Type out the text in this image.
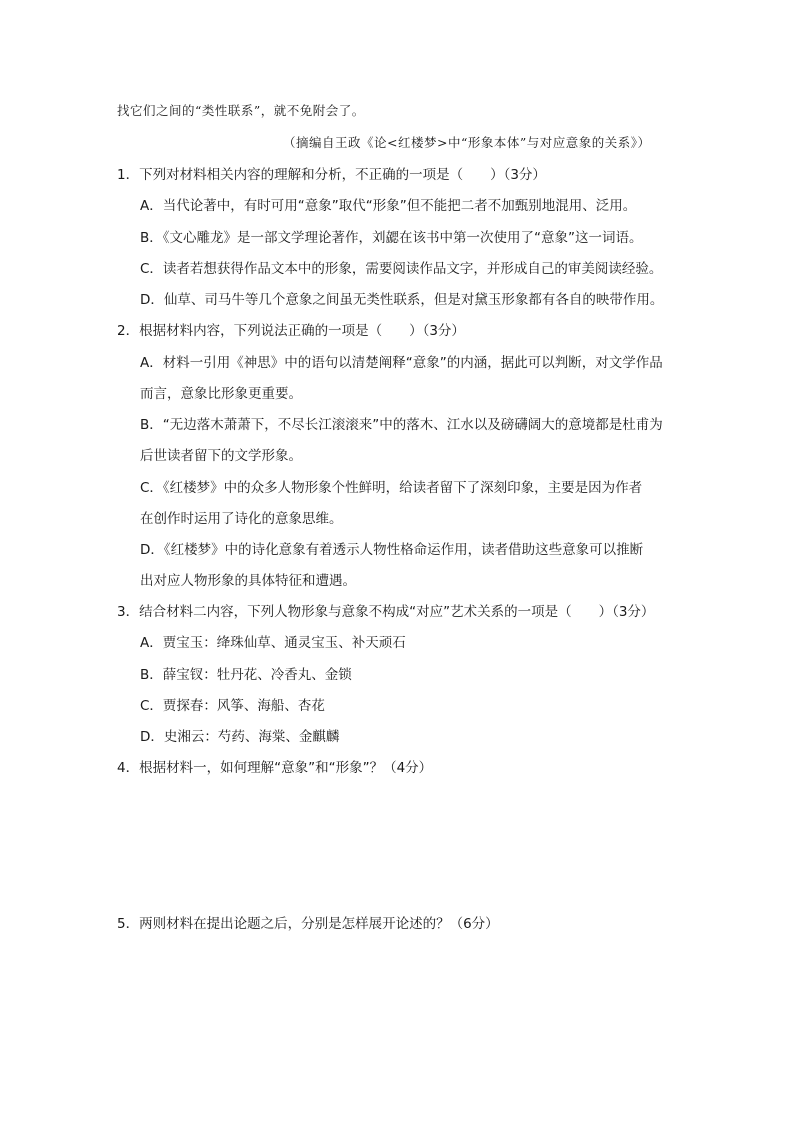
找它们之间的“类性联系”，就不免附会了。
（摘编自王政《论<红楼梦>中“形象本体”与对应意象的关系》）
1．下列对材料相关内容的理解和分析，不正确的一项是（　　）（3分）
A．当代论著中，有时可用“意象”取代“形象”但不能把二者不加甄别地混用、泛用。
B．《文心雕龙》是一部文学理论著作，刘勰在该书中第一次使用了“意象”这一词语。
C．读者若想获得作品文本中的形象，需要阅读作品文字，并形成自己的审美阅读经验。
D．仙草、司马牛等几个意象之间虽无类性联系，但是对黛玉形象都有各自的映带作用。
2．根据材料内容，下列说法正确的一项是（　　）（3分）
A．材料一引用《神思》中的语句以清楚阐释“意象”的内涵，据此可以判断，对文学作品
而言，意象比形象更重要。
B．“无边落木萧萧下，不尽长江滚滚来”中的落木、江水以及磅礴阔大的意境都是杜甫为
后世读者留下的文学形象。
C．《红楼梦》中的众多人物形象个性鲜明，给读者留下了深刻印象，主要是因为作者
在创作时运用了诗化的意象思维。
D．《红楼梦》中的诗化意象有着透示人物性格命运作用，读者借助这些意象可以推断
出对应人物形象的具体特征和遭遇。
3．结合材料二内容，下列人物形象与意象不构成“对应”艺术关系的一项是（　　）（3分）
A．贾宝玉：绛珠仙草、通灵宝玉、补天顽石
B．薛宝钗：牡丹花、冷香丸、金锁
C．贾探春：风筝、海船、杏花
D．史湘云：芍药、海棠、金麒麟
4．根据材料一，如何理解“意象”和“形象”？（4分）
5．两则材料在提出论题之后，分别是怎样展开论述的？（6分）
